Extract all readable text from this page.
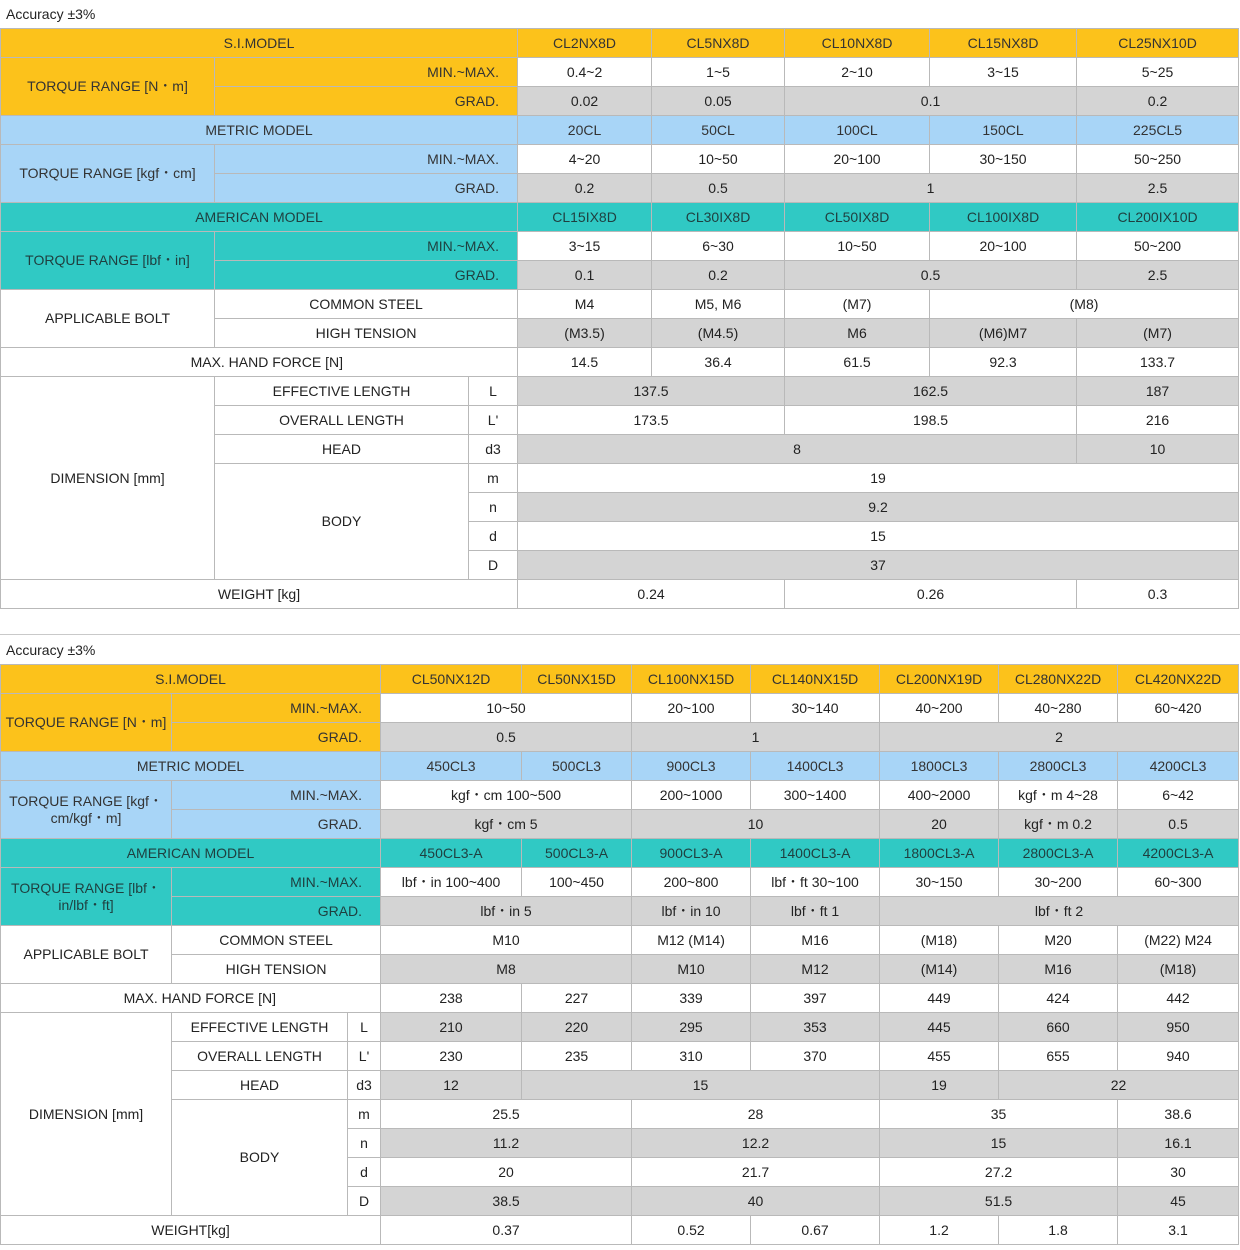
Accuracy ±3%
S.I.MODEL			CL2NX8D	CL5NX8D	CL10NX8D	CL15NX8D	CL25NX10D
TORQUE RANGE [N・m]	MIN.~MAX.		0.4~2	1~5	2~10	3~15	5~25
	GRAD.		0.02	0.05	0.1		0.2
METRIC MODEL			20CL	50CL	100CL	150CL	225CL5
TORQUE RANGE [kgf・cm]	MIN.~MAX.		4~20	10~50	20~100	30~150	50~250
	GRAD.		0.2	0.5	1		2.5
AMERICAN MODEL			CL15IX8D	CL30IX8D	CL50IX8D	CL100IX8D	CL200IX10D
TORQUE RANGE [lbf・in]	MIN.~MAX.		3~15	6~30	10~50	20~100	50~200
	GRAD.		0.1	0.2	0.5		2.5
APPLICABLE BOLT	COMMON STEEL		M4	M5, M6	(M7)	(M8)	
	HIGH TENSION		(M3.5)	(M4.5)	M6	(M6)M7	(M7)
MAX. HAND FORCE [N]			14.5	36.4	61.5	92.3	133.7
DIMENSION [mm]	EFFECTIVE LENGTH	L	137.5		162.5		187
	OVERALL LENGTH	L'	173.5		198.5		216
	HEAD	d3	8				10
	BODY	m	19				
		n	9.2				
		d	15				
		D	37				
WEIGHT [kg]			0.24		0.26		0.3
Accuracy ±3%
S.I.MODEL			CL50NX12D	CL50NX15D	CL100NX15D	CL140NX15D	CL200NX19D	CL280NX22D	CL420NX22D
TORQUE RANGE [N・m]	MIN.~MAX.		10~50		20~100	30~140	40~200	40~280	60~420
	GRAD.		0.5		1		2		
METRIC MODEL			450CL3	500CL3	900CL3	1400CL3	1800CL3	2800CL3	4200CL3
TORQUE RANGE [kgf・cm/kgf・m]	MIN.~MAX.		kgf・cm 100~500		200~1000	300~1400	400~2000	kgf・m 4~28	6~42
	GRAD.		kgf・cm 5		10		20	kgf・m 0.2	0.5
AMERICAN MODEL			450CL3-A	500CL3-A	900CL3-A	1400CL3-A	1800CL3-A	2800CL3-A	4200CL3-A
TORQUE RANGE [lbf・in/lbf・ft]	MIN.~MAX.		lbf・in 100~400	100~450	200~800	lbf・ft 30~100	30~150	30~200	60~300
	GRAD.		lbf・in 5		lbf・in 10	lbf・ft 1	lbf・ft 2		
APPLICABLE BOLT	COMMON STEEL		M10		M12 (M14)	M16	(M18)	M20	(M22) M24
	HIGH TENSION		M8		M10	M12	(M14)	M16	(M18)
MAX. HAND FORCE [N]			238	227	339	397	449	424	442
DIMENSION [mm]	EFFECTIVE LENGTH	L	210	220	295	353	445	660	950
	OVERALL LENGTH	L'	230	235	310	370	455	655	940
	HEAD	d3	12	15			19	22	
	BODY	m	25.5		28		35		38.6
		n	11.2		12.2		15		16.1
		d	20		21.7		27.2		30
		D	38.5		40		51.5		45
WEIGHT[kg]			0.37		0.52	0.67	1.2	1.8	3.1
